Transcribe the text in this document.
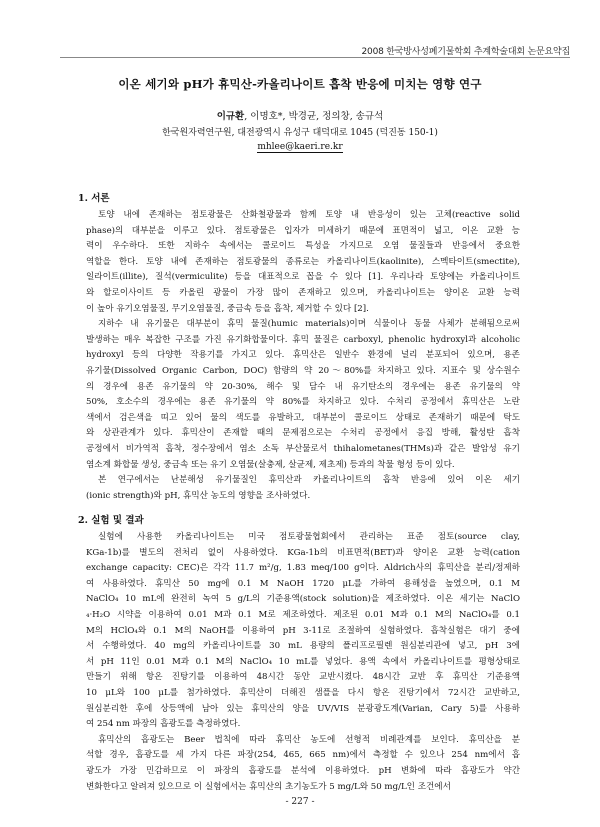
2008 한국방사성폐기물학회 추계학술대회 논문요약집
이온 세기와 pH가 휴믹산-카올리나이트 흡착 반응에 미치는 영향 연구
이규환, 이명호*, 박경균, 정의창, 송규석
한국원자력연구원, 대전광역시 유성구 대덕대로 1045 (덕진동 150-1)
mhlee@kaeri.re.kr
1. 서론
토양 내에 존재하는 점토광물은 산화철광물과 함께 토양 내 반응성이 있는 고체(reactive solid
phase)의 대부분을 이루고 있다. 점토광물은 입자가 미세하기 때문에 표면적이 넓고, 이온 교환 능
력이 우수하다. 또한 지하수 속에서는 콜로이드 특성을 가지므로 오염 물질들과 반응에서 중요한
역할을 한다. 토양 내에 존재하는 점토광물의 종류로는 카올리나이트(kaolinite), 스멕타이트(smectite),
일라이트(illite), 질석(vermiculite) 등을 대표적으로 꼽을 수 있다 [1]. 우리나라 토양에는 카올리나이트
와 할로이사이트 등 카올린 광물이 가장 많이 존재하고 있으며, 카올리나이트는 양이온 교환 능력
이 높아 유기오염물질, 무기오염물질, 중금속 등을 흡착, 제거할 수 있다 [2].
지하수 내 유기물은 대부분이 휴믹 물질(humic materials)이며 식물이나 동물 사체가 분해됨으로써
발생하는 매우 복잡한 구조를 가진 유기화합물이다. 휴믹 물질은 carboxyl, phenolic hydroxyl과 alcoholic
hydroxyl 등의 다양한 작용기를 가지고 있다. 휴믹산은 일반수 환경에 널리 분포되어 있으며, 용존
유기물(Dissolved Organic Carbon, DOC) 함량의 약 20～80%를 차지하고 있다. 지표수 및 상수원수
의 경우에 용존 유기물의 약 20-30%, 해수 및 담수 내 유기탄소의 경우에는 용존 유기물의 약
50%, 호소수의 경우에는 용존 유기물의 약 80%를 차지하고 있다. 수처리 공정에서 휴믹산은 노란
색에서 검은색을 띠고 있어 물의 색도를 유발하고, 대부분이 콜로이드 상태로 존재하기 때문에 탁도
와 상관관계가 있다. 휴믹산이 존재할 때의 문제점으로는 수처리 공정에서 응집 방해, 활성탄 흡착
공정에서 비가역적 흡착, 정수장에서 염소 소독 부산물로서 thihalometanes(THMs)과 같은 발암성 유기
염소계 화합물 생성, 중금속 또는 유기 오염물(살충제, 살균제, 제초제) 등과의 착물 형성 등이 있다.
본 연구에서는 난분해성 유기물질인 휴믹산과 카올리나이트의 흡착 반응에 있어 이온 세기
(ionic strength)와 pH, 휴믹산 농도의 영향을 조사하였다.
2. 실험 및 결과
실험에 사용한 카올리나이트는 미국 점토광물협회에서 관리하는 표준 점토(source clay,
KGa-1b)를 별도의 전처리 없이 사용하였다. KGa-1b의 비표면적(BET)과 양이온 교환 능력(cation
exchange capacity: CEC)은 각각 11.7 m²/g, 1.83 meq/100 g이다. Aldrich사의 휴믹산을 분리/정제하
여 사용하였다. 휴믹산 50 mg에 0.1 M NaOH 1720 μL를 가하여 용해성을 높였으며, 0.1 M
NaClO₄ 10 mL에 완전히 녹여 5 g/L의 기준용액(stock solution)을 제조하였다. 이온 세기는 NaClO
₄·H₂O 시약을 이용하여 0.01 M과 0.1 M로 제조하였다. 제조된 0.01 M과 0.1 M의 NaClO₄를 0.1
M의 HClO₄와 0.1 M의 NaOH를 이용하여 pH 3-11로 조절하여 실험하였다. 흡착실험은 대기 중에
서 수행하였다. 40 mg의 카올리나이트를 30 mL 용량의 폴리프로필렌 원심분리관에 넣고, pH 3에
서 pH 11인 0.01 M과 0.1 M의 NaClO₄ 10 mL를 넣었다. 용액 속에서 카올리나이트를 평형상태로
만들기 위해 항온 진탕기를 이용하여 48시간 동안 교반시켰다. 48시간 교반 후 휴믹산 기준용액
10 μL와 100 μL를 첨가하였다. 휴믹산이 더해진 샘플을 다시 항온 진탕기에서 72시간 교반하고,
원심분리한 후에 상등액에 남아 있는 휴믹산의 양을 UV/VIS 분광광도계(Varian, Cary 5)를 사용하
여 254 nm 파장의 흡광도를 측정하였다.
휴믹산의 흡광도는 Beer 법칙에 따라 휴믹산 농도에 선형적 비례관계를 보인다. 휴믹산을 분
석할 경우, 흡광도를 세 가지 다른 파장(254, 465, 665 nm)에서 측정할 수 있으나 254 nm에서 흡
광도가 가장 민감하므로 이 파장의 흡광도를 분석에 이용하였다. pH 변화에 따라 흡광도가 약간
변화한다고 알려져 있으므로 이 실험에서는 휴믹산의 초기농도가 5 mg/L와 50 mg/L인 조건에서
- 227 -
